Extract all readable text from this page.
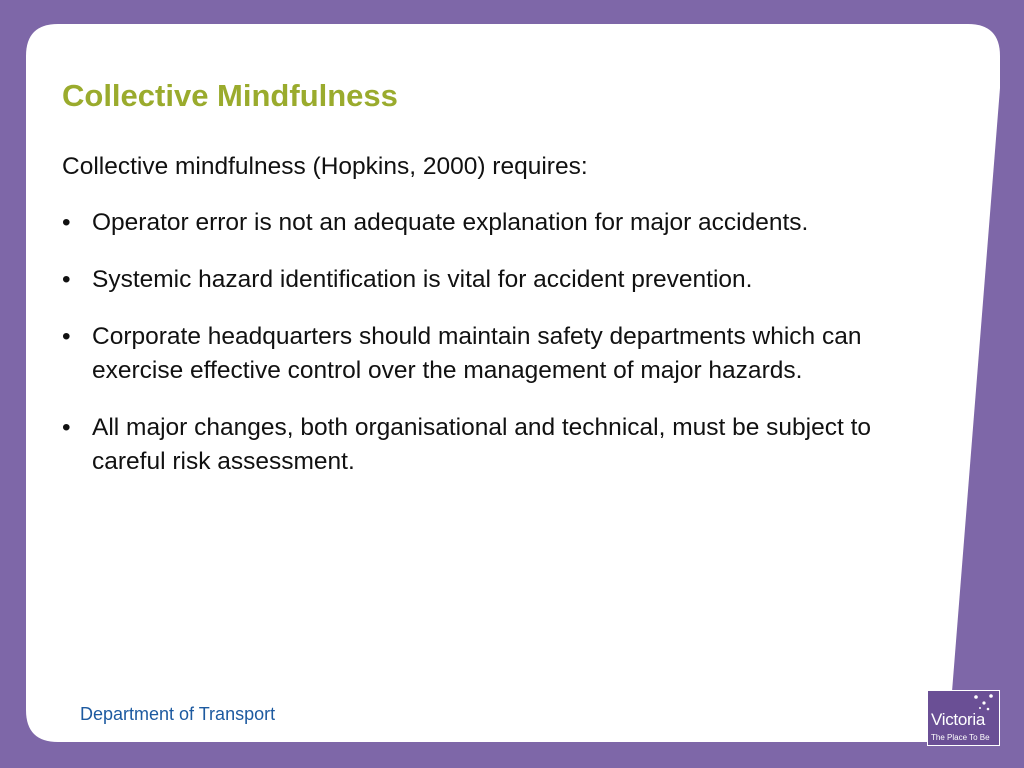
Collective Mindfulness

Collective mindfulness (Hopkins, 2000) requires:

• Operator error is not an adequate explanation for major accidents.
• Systemic hazard identification is vital for accident prevention.
• Corporate headquarters should maintain safety departments which can exercise effective control over the management of major hazards.
• All major changes, both organisational and technical, must be subject to careful risk assessment.
Department of Transport	Victoria
The Place To Be
